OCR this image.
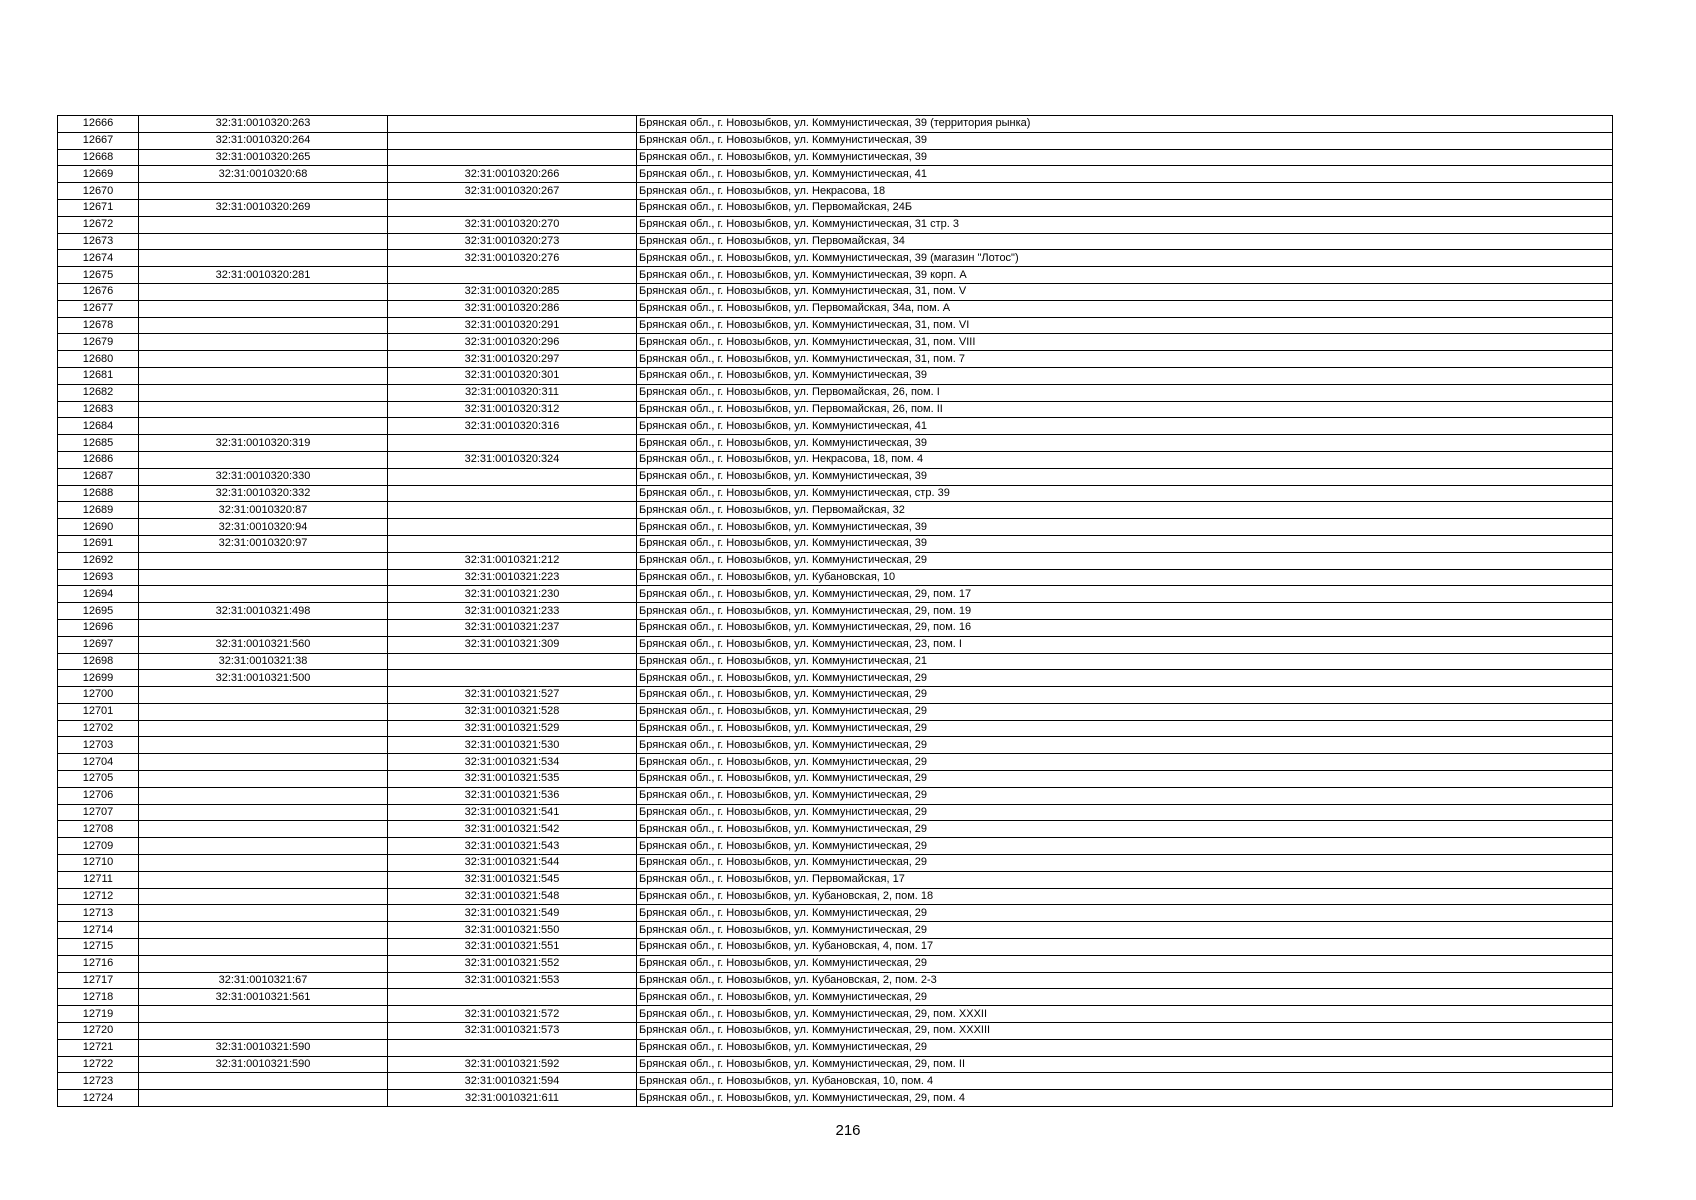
12666	32:31:0010320:263		Брянская обл., г. Новозыбков, ул. Коммунистическая, 39 (территория рынка)
12667	32:31:0010320:264		Брянская обл., г. Новозыбков, ул. Коммунистическая, 39
12668	32:31:0010320:265		Брянская обл., г. Новозыбков, ул. Коммунистическая, 39
12669	32:31:0010320:68	32:31:0010320:266	Брянская обл., г. Новозыбков, ул. Коммунистическая, 41
12670		32:31:0010320:267	Брянская обл., г. Новозыбков, ул. Некрасова, 18
12671	32:31:0010320:269		Брянская обл., г. Новозыбков, ул. Первомайская, 24Б
12672		32:31:0010320:270	Брянская обл., г. Новозыбков, ул. Коммунистическая, 31 стр. 3
12673		32:31:0010320:273	Брянская обл., г. Новозыбков, ул. Первомайская, 34
12674		32:31:0010320:276	Брянская обл., г. Новозыбков, ул. Коммунистическая, 39 (магазин "Лотос")
12675	32:31:0010320:281		Брянская обл., г. Новозыбков, ул. Коммунистическая, 39 корп. А
12676		32:31:0010320:285	Брянская обл., г. Новозыбков, ул. Коммунистическая, 31, пом. V
12677		32:31:0010320:286	Брянская обл., г. Новозыбков, ул. Первомайская, 34а, пом. А
12678		32:31:0010320:291	Брянская обл., г. Новозыбков, ул. Коммунистическая, 31, пом. VI
12679		32:31:0010320:296	Брянская обл., г. Новозыбков, ул. Коммунистическая, 31, пом. VIII
12680		32:31:0010320:297	Брянская обл., г. Новозыбков, ул. Коммунистическая, 31, пом. 7
12681		32:31:0010320:301	Брянская обл., г. Новозыбков, ул. Коммунистическая, 39
12682		32:31:0010320:311	Брянская обл., г. Новозыбков, ул. Первомайская, 26, пом. I
12683		32:31:0010320:312	Брянская обл., г. Новозыбков, ул. Первомайская, 26, пом. II
12684		32:31:0010320:316	Брянская обл., г. Новозыбков, ул. Коммунистическая, 41
12685	32:31:0010320:319		Брянская обл., г. Новозыбков, ул. Коммунистическая, 39
12686		32:31:0010320:324	Брянская обл., г. Новозыбков, ул. Некрасова, 18, пом. 4
12687	32:31:0010320:330		Брянская обл., г. Новозыбков, ул. Коммунистическая, 39
12688	32:31:0010320:332		Брянская обл., г. Новозыбков, ул. Коммунистическая, стр. 39
12689	32:31:0010320:87		Брянская обл., г. Новозыбков, ул. Первомайская, 32
12690	32:31:0010320:94		Брянская обл., г. Новозыбков, ул. Коммунистическая, 39
12691	32:31:0010320:97		Брянская обл., г. Новозыбков, ул. Коммунистическая, 39
12692		32:31:0010321:212	Брянская обл., г. Новозыбков, ул. Коммунистическая, 29
12693		32:31:0010321:223	Брянская обл., г. Новозыбков, ул. Кубановская, 10
12694		32:31:0010321:230	Брянская обл., г. Новозыбков, ул. Коммунистическая, 29, пом. 17
12695	32:31:0010321:498	32:31:0010321:233	Брянская обл., г. Новозыбков, ул. Коммунистическая, 29, пом. 19
12696		32:31:0010321:237	Брянская обл., г. Новозыбков, ул. Коммунистическая, 29, пом. 16
12697	32:31:0010321:560	32:31:0010321:309	Брянская обл., г. Новозыбков, ул. Коммунистическая, 23, пом. I
12698	32:31:0010321:38		Брянская обл., г. Новозыбков, ул. Коммунистическая, 21
12699	32:31:0010321:500		Брянская обл., г. Новозыбков, ул. Коммунистическая, 29
12700		32:31:0010321:527	Брянская обл., г. Новозыбков, ул. Коммунистическая, 29
12701		32:31:0010321:528	Брянская обл., г. Новозыбков, ул. Коммунистическая, 29
12702		32:31:0010321:529	Брянская обл., г. Новозыбков, ул. Коммунистическая, 29
12703		32:31:0010321:530	Брянская обл., г. Новозыбков, ул. Коммунистическая, 29
12704		32:31:0010321:534	Брянская обл., г. Новозыбков, ул. Коммунистическая, 29
12705		32:31:0010321:535	Брянская обл., г. Новозыбков, ул. Коммунистическая, 29
12706		32:31:0010321:536	Брянская обл., г. Новозыбков, ул. Коммунистическая, 29
12707		32:31:0010321:541	Брянская обл., г. Новозыбков, ул. Коммунистическая, 29
12708		32:31:0010321:542	Брянская обл., г. Новозыбков, ул. Коммунистическая, 29
12709		32:31:0010321:543	Брянская обл., г. Новозыбков, ул. Коммунистическая, 29
12710		32:31:0010321:544	Брянская обл., г. Новозыбков, ул. Коммунистическая, 29
12711		32:31:0010321:545	Брянская обл., г. Новозыбков, ул. Первомайская, 17
12712		32:31:0010321:548	Брянская обл., г. Новозыбков, ул. Кубановская, 2, пом. 18
12713		32:31:0010321:549	Брянская обл., г. Новозыбков, ул. Коммунистическая, 29
12714		32:31:0010321:550	Брянская обл., г. Новозыбков, ул. Коммунистическая, 29
12715		32:31:0010321:551	Брянская обл., г. Новозыбков, ул. Кубановская, 4, пом. 17
12716		32:31:0010321:552	Брянская обл., г. Новозыбков, ул. Коммунистическая, 29
12717	32:31:0010321:67	32:31:0010321:553	Брянская обл., г. Новозыбков, ул. Кубановская, 2, пом. 2-3
12718	32:31:0010321:561		Брянская обл., г. Новозыбков, ул. Коммунистическая, 29
12719		32:31:0010321:572	Брянская обл., г. Новозыбков, ул. Коммунистическая, 29, пом. XXXII
12720		32:31:0010321:573	Брянская обл., г. Новозыбков, ул. Коммунистическая, 29, пом. XXXIII
12721	32:31:0010321:590		Брянская обл., г. Новозыбков, ул. Коммунистическая, 29
12722	32:31:0010321:590	32:31:0010321:592	Брянская обл., г. Новозыбков, ул. Коммунистическая, 29, пом. II
12723		32:31:0010321:594	Брянская обл., г. Новозыбков, ул. Кубановская, 10, пом. 4
12724		32:31:0010321:611	Брянская обл., г. Новозыбков, ул. Коммунистическая, 29, пом. 4
216
